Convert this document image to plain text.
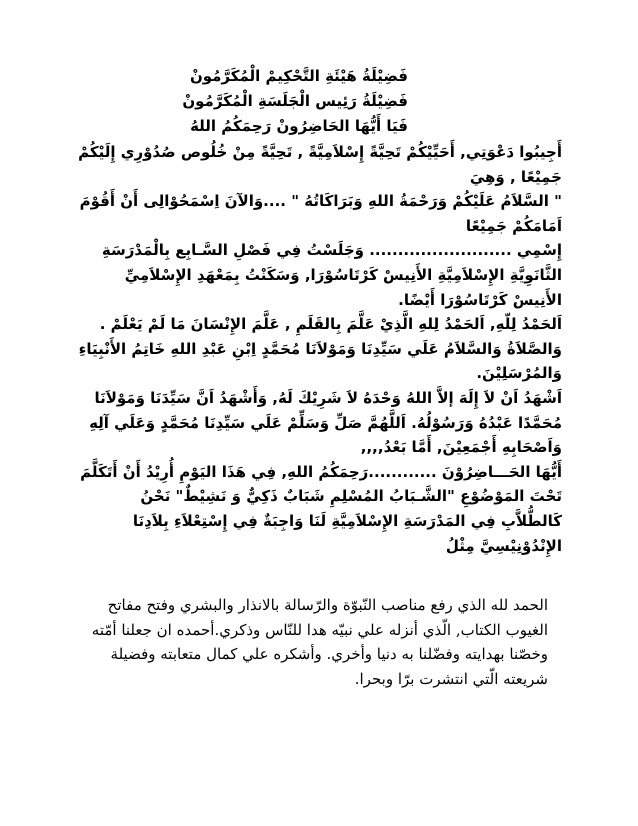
فَضِيْلَةُ هَيْئَةِ التَّحْكِيمْ الْمُكَرَّمُونْ
فَضِيْلَةُ رَئِيس الْجَلَسَةِ الْمُكَرَّمُونْ
فَيَا أَيُّهَا الحَاضِرُونْ رَحِمَكُمُ اللهُ

أَجِيبُوا دَعْوَتِي, أَحَيِّيْكُمْ تَحِيَّةً إِسْلاَمِيَّةً , تَحِيَّةً مِنْ خُلُوص صُدُوْرِي إِلَيْكُمْ جَمِيْعًا , وَهِيَ

" السَّلاَمُ عَلَيْكُمْ وَرَحْمَةُ اللهِ وَبَرَاكَاتُهُ " ....وَالآنَ اِسْمَحُوْالِى أَنْ أَقُوْمَ اَمَامَكُمْ جَمِيْعًا

إِسْمِي ......................... وَجَلَسْتُ فِي فَصْلِ السَّـابِع بِالْمَدْرَسَةِ الثَّانَوِيَّةِ الإِسْلاَمِيَّةِ الأَنِيسْ كَرْتَاسُوْرَا, وَسَكَنْتُ بِمَعْهَدِ الإِسْلاَمِيِّ الأَنِيسْ كَرْتَاسُوْرَا أَيْضًا.

اَلحَمْدُ لِلّهِ, اَلحَمْدُ لِلهِ الَّذِيْ عَلَّمَ بِالقَلَمِ , عَلَّمَ الإِنْسَانَ مَا لَمْ يَعْلَمْ . وَالصَّلاَةُ وَالسَّلاَمُ عَلَي سَيِّدِنَا وَمَوْلاَنَا مُحَمَّدٍ اِبْنِ عَبْدِ اللهِ خَاتِمُ الأَنْبِيَاءِ وَالمُرْسَلِيْنَ.

اَشْهَدُ اَنْ لاَ إِلَهَ إلاَّ اللهُ وَحْدَهُ لاَ شَرِيْكَ لَهُ, وَأَشْهَدُ اَنَّ سَيِّدَنَا وَمَوْلاَنَا مُحَمَّدًا عَبْدُهُ وَرَسُوْلُهُ. اَللَّهُمَّ صَلِّ وَسَلِّمْ عَلَي سَيِّدِنَا مُحَمَّدٍ وَعَلَي آلِهِ وَاَصْحَابِهِ أَجْمَعِيْنَ, أَمَّا بَعْدُ,,,,

أَيُّهَا الحَـــاضِرُوْنَ ............رَحِمَكُمُ اللهِ, فِي هَذَا اليَوْمِ أُرِيْدُ أَنْ أَتَكَلَّمَ تَحْتَ المَوْضُوْعِ "الشَّـبَابُ المُسْلِمِ شَبَابٌ ذَكِيٌّ وَ نَشِيْطٌ" نَحْنُ كَالطُّلاَّبِ فِي المَدْرَسَةِ الإِسْلاَمِيَّةِ لَنَا وَاجِبَةٌ فِي إِسْتِعْلاَءِ بِلاَدِنَا الإِنْدُوْنِيْسِيَّ مِثْلُ

الحمد لله الذي رفع مناصب النّبوّة والرّسالة بالانذار والبشري وفتح مفاتح
الغيوب الكتاب, الّذي أنزله علي نبيّه هدا للنّاس وذكري.أحمده ان جعلنا أمّته
وخصّنا بهدايته وفضّلنا به دنيا وأخري. وأشكره علي كمال متعابته وفضيلة
شريعته الّتي انتشرت برّا وبحرا.
